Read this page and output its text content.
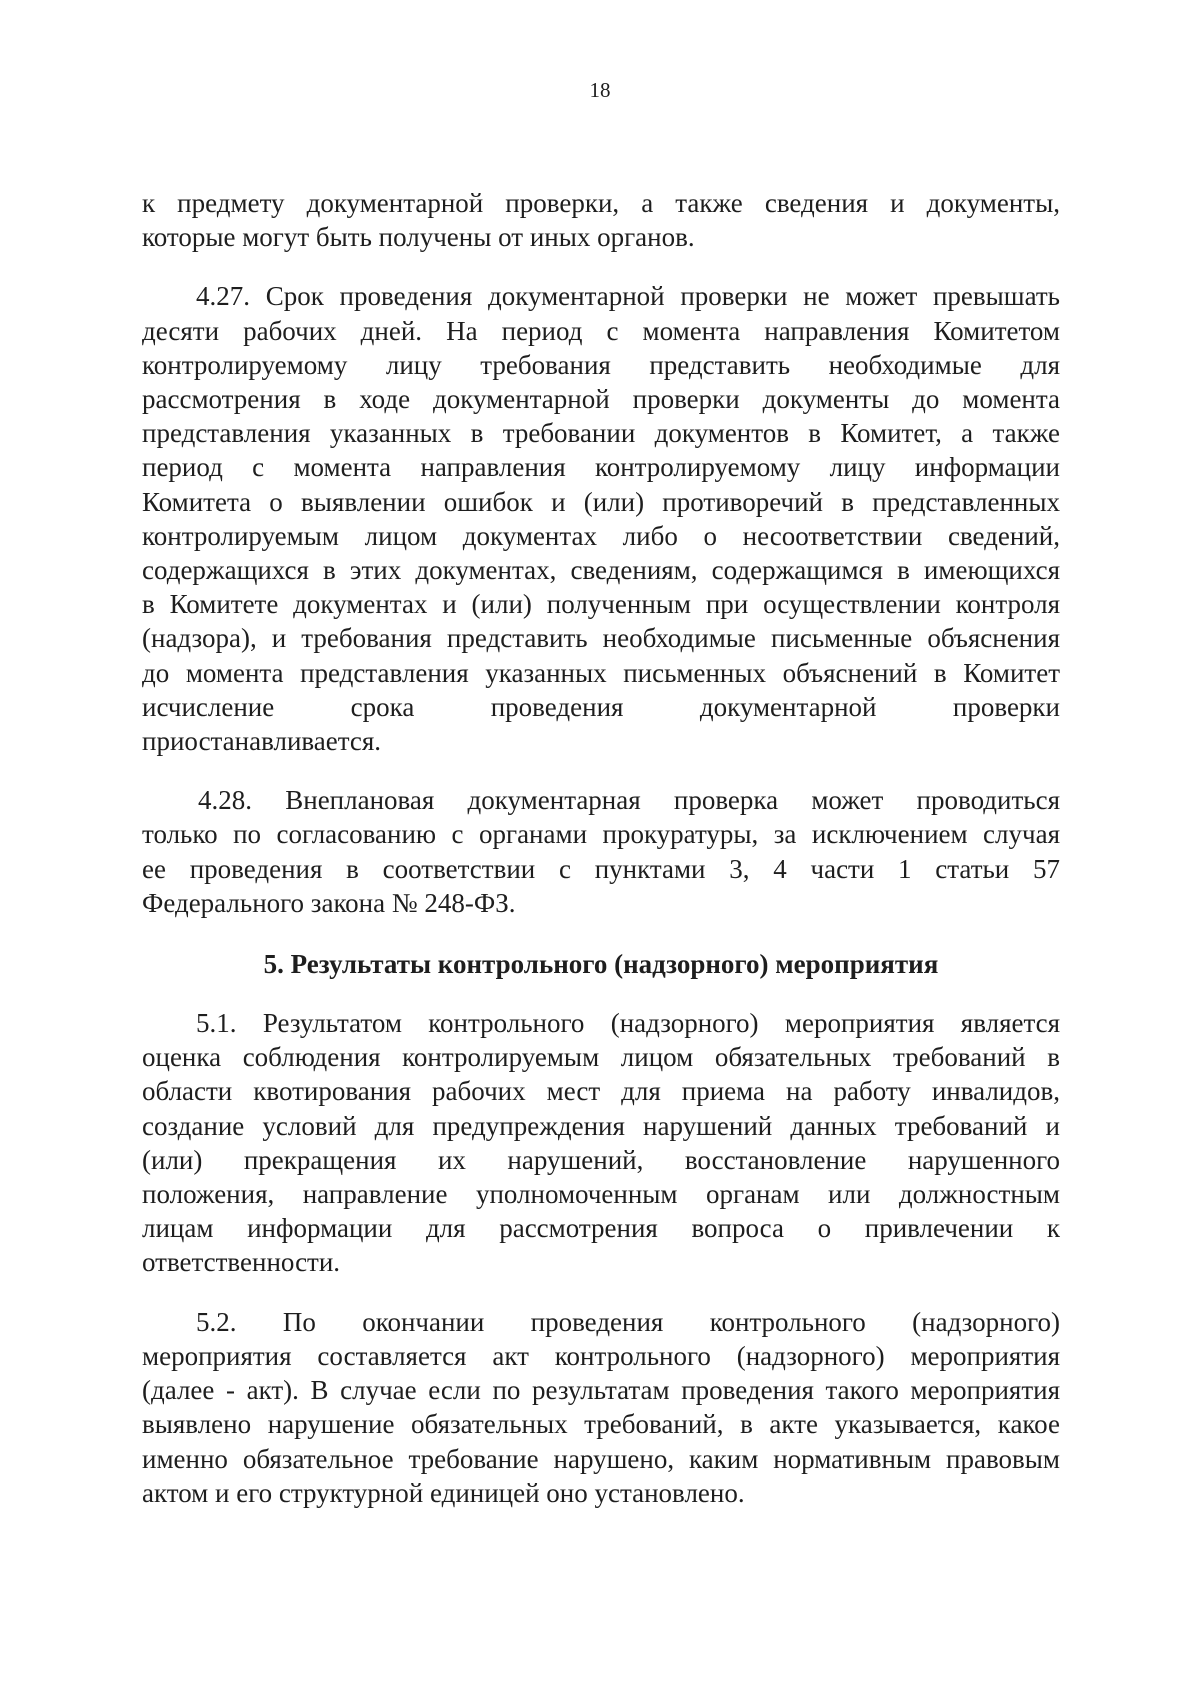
18
к предмету документарной проверки, а также сведения и документы,
которые могут быть получены от иных органов.
4.27. Срок проведения документарной проверки не может превышать
десяти рабочих дней. На период с момента направления Комитетом
контролируемому лицу требования представить необходимые для
рассмотрения в ходе документарной проверки документы до момента
представления указанных в требовании документов в Комитет, а также
период с момента направления контролируемому лицу информации
Комитета о выявлении ошибок и (или) противоречий в представленных
контролируемым лицом документах либо о несоответствии сведений,
содержащихся в этих документах, сведениям, содержащимся в имеющихся
в Комитете документах и (или) полученным при осуществлении контроля
(надзора), и требования представить необходимые письменные объяснения
до момента представления указанных письменных объяснений в Комитет
исчисление срока проведения документарной проверки
приостанавливается.
4.28. Внеплановая документарная проверка может проводиться
только по согласованию с органами прокуратуры, за исключением случая
ее проведения в соответствии с пунктами 3, 4 части 1 статьи 57
Федерального закона № 248-ФЗ.
5. Результаты контрольного (надзорного) мероприятия
5.1. Результатом контрольного (надзорного) мероприятия является
оценка соблюдения контролируемым лицом обязательных требований в
области квотирования рабочих мест для приема на работу инвалидов,
создание условий для предупреждения нарушений данных требований и
(или) прекращения их нарушений, восстановление нарушенного
положения, направление уполномоченным органам или должностным
лицам информации для рассмотрения вопроса о привлечении к
ответственности.
5.2. По окончании проведения контрольного (надзорного)
мероприятия составляется акт контрольного (надзорного) мероприятия
(далее - акт). В случае если по результатам проведения такого мероприятия
выявлено нарушение обязательных требований, в акте указывается, какое
именно обязательное требование нарушено, каким нормативным правовым
актом и его структурной единицей оно установлено.
